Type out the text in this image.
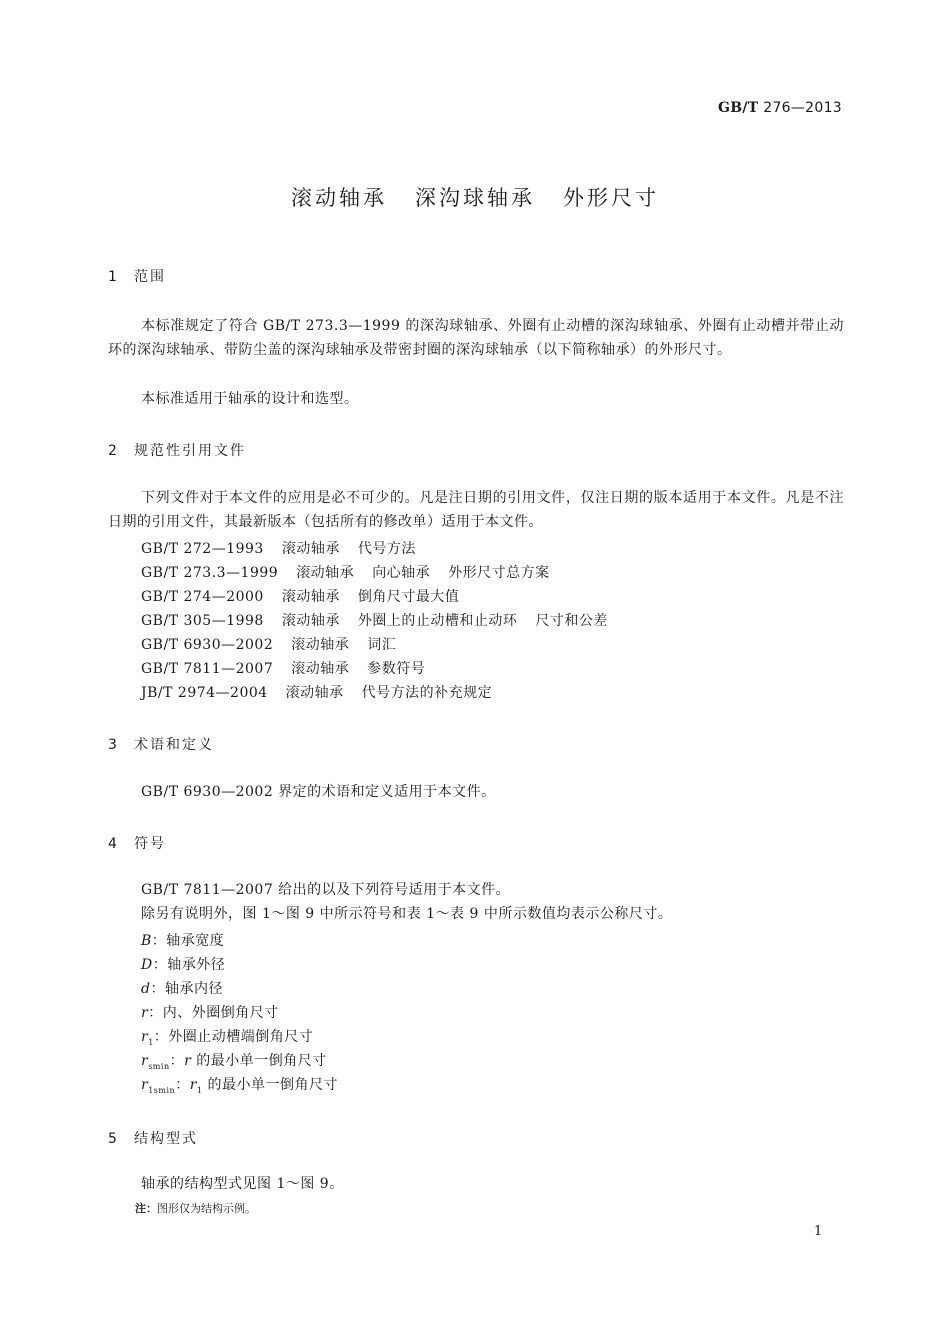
GB/T 276—2013
滚动轴承 深沟球轴承 外形尺寸
1 范围
本标准规定了符合 GB/T 273.3—1999 的深沟球轴承、外圈有止动槽的深沟球轴承、外圈有止动槽并带止动环的深沟球轴承、带防尘盖的深沟球轴承及带密封圈的深沟球轴承（以下简称轴承）的外形尺寸。
本标准适用于轴承的设计和选型。
2 规范性引用文件
下列文件对于本文件的应用是必不可少的。凡是注日期的引用文件，仅注日期的版本适用于本文件。凡是不注日期的引用文件，其最新版本（包括所有的修改单）适用于本文件。
GB/T 272—1993 滚动轴承 代号方法
GB/T 273.3—1999 滚动轴承 向心轴承 外形尺寸总方案
GB/T 274—2000 滚动轴承 倒角尺寸最大值
GB/T 305—1998 滚动轴承 外圈上的止动槽和止动环 尺寸和公差
GB/T 6930—2002 滚动轴承 词汇
GB/T 7811—2007 滚动轴承 参数符号
JB/T 2974—2004 滚动轴承 代号方法的补充规定
3 术语和定义
GB/T 6930—2002 界定的术语和定义适用于本文件。
4 符号
GB/T 7811—2007 给出的以及下列符号适用于本文件。
除另有说明外，图 1～图 9 中所示符号和表 1～表 9 中所示数值均表示公称尺寸。
B：轴承宽度
D：轴承外径
d：轴承内径
r：内、外圈倒角尺寸
$r_1$：外圈止动槽端倒角尺寸
$r_{smin}$：r 的最小单一倒角尺寸
$r_{1smin}$：$r_1$ 的最小单一倒角尺寸
5 结构型式
轴承的结构型式见图 1～图 9。
注：图形仅为结构示例。
1
